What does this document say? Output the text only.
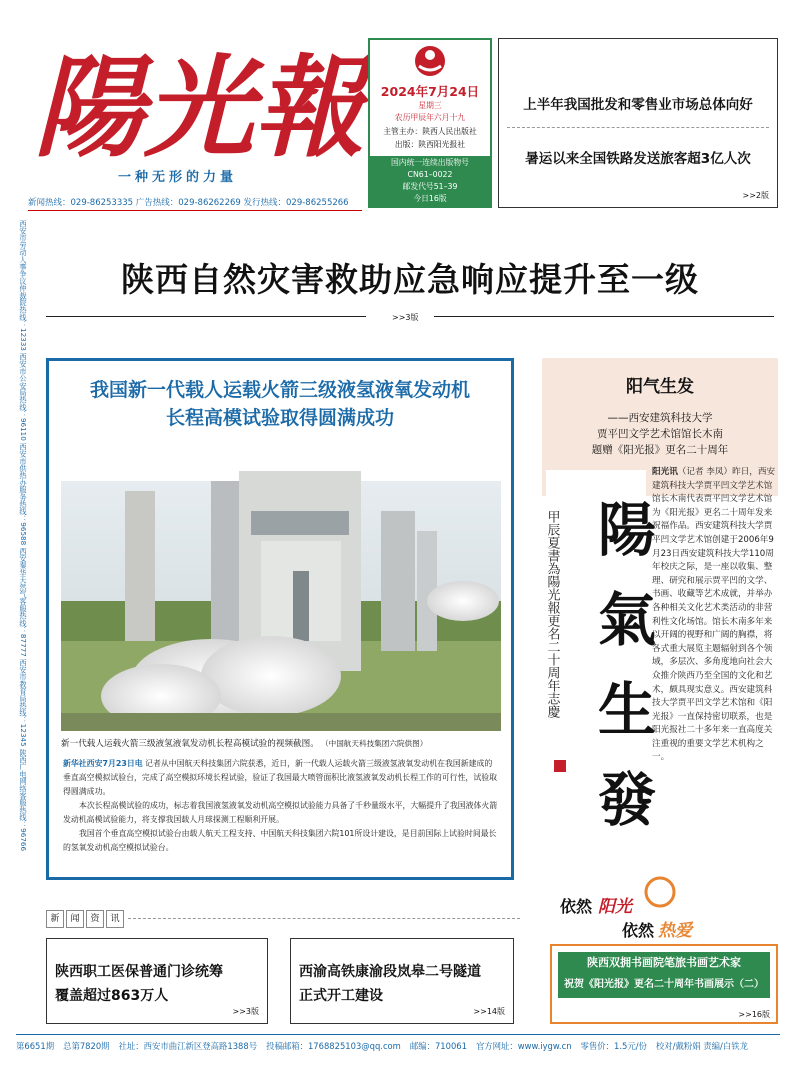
陽光報
一种无形的力量
新闻热线：029-86253335 广告热线：029-86262269 发行热线：029-86255266
2024年7月24日
星期三
农历甲辰年六月十九
主管主办：陕西人民出版社
出版：陕西阳光报社
国内统一连续出版物号
CN61–0022
邮发代号51–39
今日16版
上半年我国批发和零售业市场总体向好
暑运以来全国铁路发送旅客超3亿人次
>>2版
西安市劳动人事争议仲裁院热线：12333 西安市公安局热线：96110 西安市供热办服务热线：96588 西安秦华天然气客服热线：87777 西安市教育局热线：12345 陕西广电网络客服热线：96766	陕西自然灾害救助应急响应提升至一级
>>3版
我国新一代载人运载火箭三级液氢液氧发动机
长程高模试验取得圆满成功
新一代载人运载火箭三级液氢液氧发动机长程高模试验的视频截图。 （中国航天科技集团六院供图）
新华社西安7月23日电 记者从中国航天科技集团六院获悉，近日，新一代载人运载火箭三级液氢液氧发动机在我国新建成的垂直高空模拟试验台，完成了高空模拟环境长程试验，验证了我国最大喷管面积比液氢液氧发动机长程工作的可行性，试验取得圆满成功。
本次长程高模试验的成功，标志着我国液氢液氧发动机高空模拟试验能力具备了千秒量级水平，大幅提升了我国液体火箭发动机高模试验能力，将支撑我国载人月球探测工程顺利开展。
我国首个垂直高空模拟试验台由载人航天工程支持、中国航天科技集团六院101所设计建设，是目前国际上试验时间最长的氢氧发动机高空模拟试验台。
阳气生发
——西安建筑科技大学
贾平凹文学艺术馆馆长木南
题赠《阳光报》更名二十周年
陽
氣
生
發
甲辰夏書為陽光報更名二十周年志慶
阳光讯（记者 李凤）昨日，西安建筑科技大学贾平凹文学艺术馆馆长木南代表贾平凹文学艺术馆为《阳光报》更名二十周年发来祝福作品。西安建筑科技大学贾平凹文学艺术馆创建于2006年9月23日西安建筑科技大学110周年校庆之际，是一座以收集、整理、研究和展示贾平凹的文学、书画、收藏等艺术成就，并举办各种相关文化艺术类活动的非营利性文化场馆。馆长木南多年来以开阔的视野和广阔的胸襟，将各式重大展览主题辐射到各个领域，多层次、多角度地向社会大众推介陕西乃至全国的文化和艺术，颇具现实意义。西安建筑科技大学贾平凹文学艺术馆和《阳光报》一直保持密切联系，也是阳光报社二十多年来一直高度关注重视的重要文学艺术机构之一。
新	闻	资	讯
陕西职工医保普通门诊统筹
覆盖超过863万人
>>3版
西渝高铁康渝段岚皋二号隧道
正式开工建设
>>14版
依然 阳光
依然 热爱
陕西双拥书画院笔旅书画艺术家
祝贺《阳光报》更名二十周年书画展示（二）
>>16版
第6651期 总第7820期 社址：西安市曲江新区登高路1388号 投稿邮箱：1768825103@qq.com 邮编：710061 官方网址：www.iygw.cn 零售价：1.5元/份 校对/戴粉娟 责编/白铁龙
